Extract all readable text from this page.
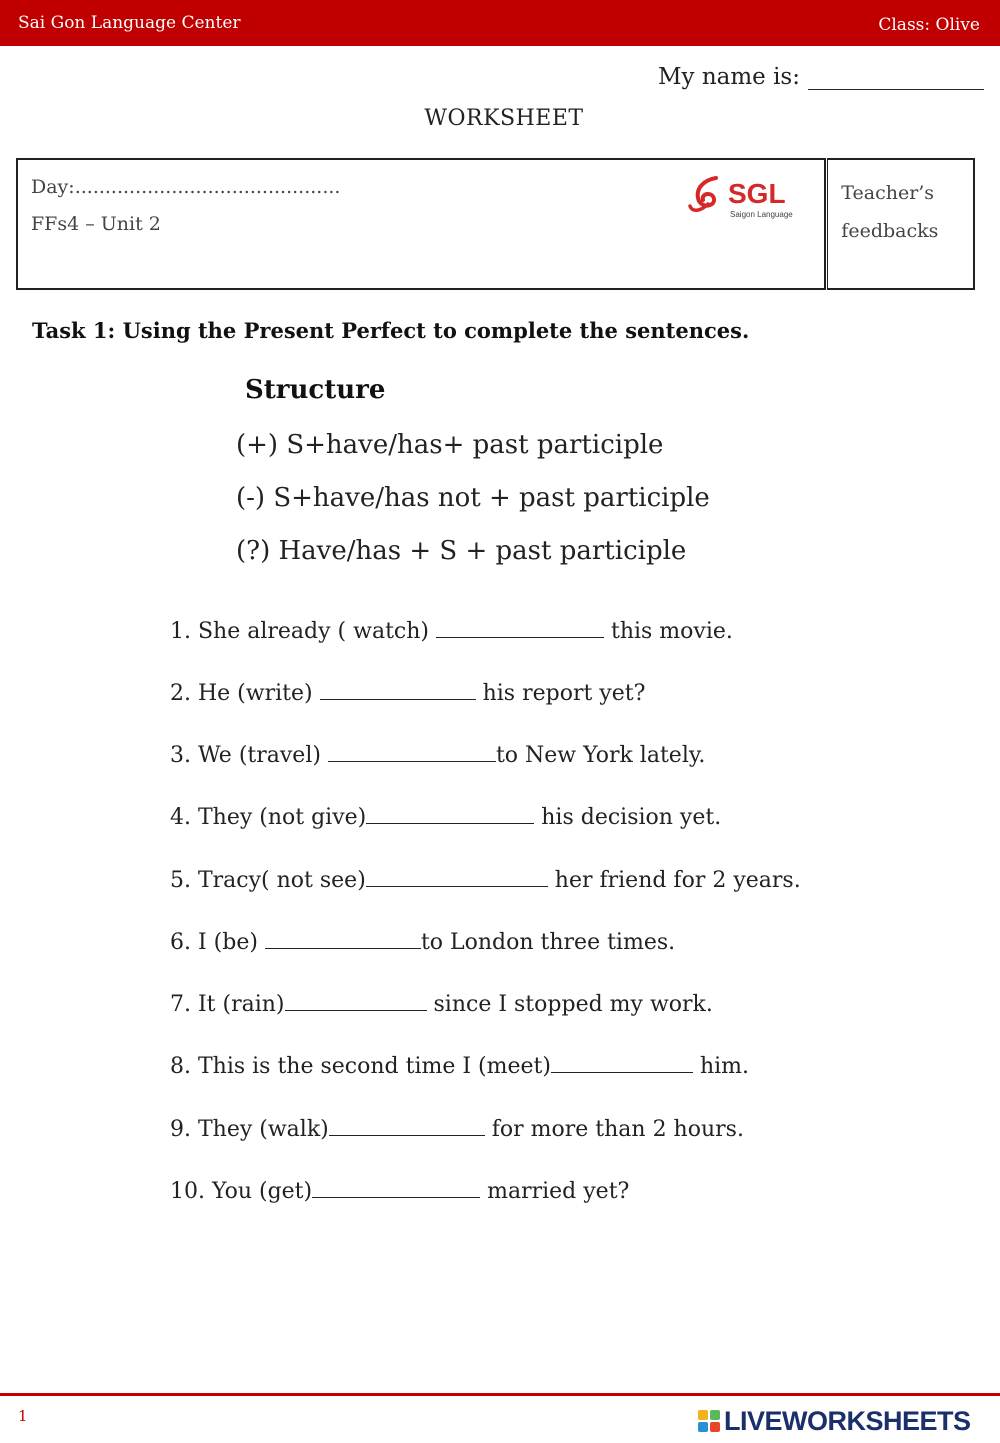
Sai Gon Language Center	Class: Olive
My name is:
WORKSHEET
Day:............................................
FFs4 – Unit 2
SGL
Saigon Language
Teacher’s feedbacks
Task 1: Using the Present Perfect to complete the sentences.
Structure
(+) S+have/has+ past participle
(-) S+have/has not + past participle
(?) Have/has + S + past participle
1. She already ( watch)	this movie.
2. He (write)	his report yet?
3. We (travel)	to New York lately.
4. They (not give)	his decision yet.
5. Tracy( not see)	her friend for 2 years.
6. I (be)	to London three times.
7. It (rain)	since I stopped my work.
8. This is the second time I (meet)	him.
9. They (walk)	for more than 2 hours.
10. You (get)	married yet?
1	LIVEWORKSHEETS
